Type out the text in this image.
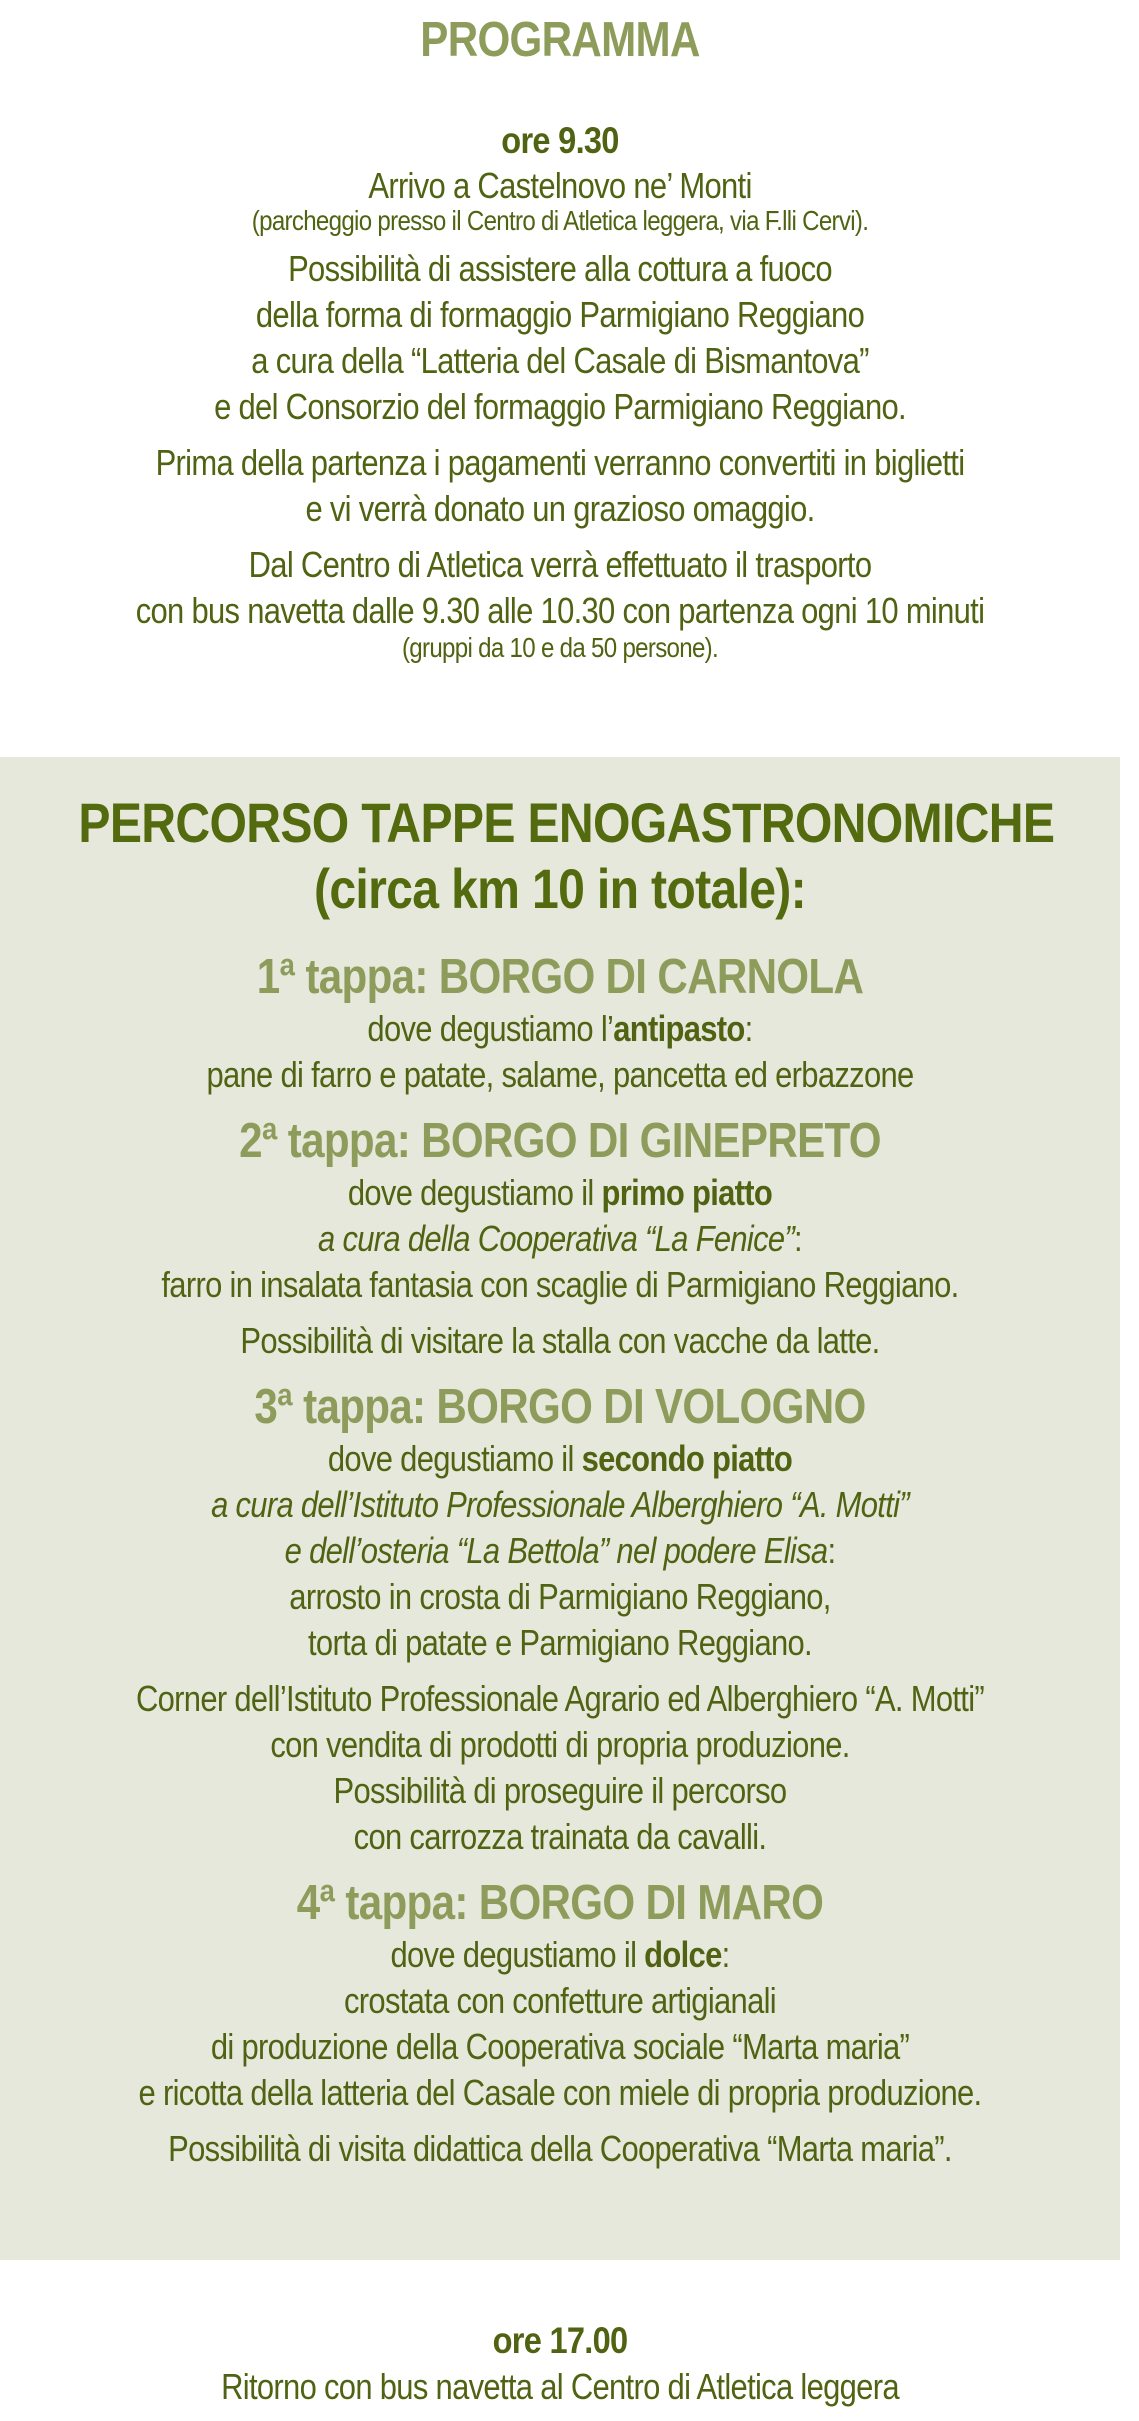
PROGRAMMA
ore 9.30
Arrivo a Castelnovo ne’ Monti
(parcheggio presso il Centro di Atletica leggera, via F.lli Cervi).
Possibilità di assistere alla cottura a fuoco
della forma di formaggio Parmigiano Reggiano
a cura della “Latteria del Casale di Bismantova”
e del Consorzio del formaggio Parmigiano Reggiano.
Prima della partenza i pagamenti verranno convertiti in biglietti
e vi verrà donato un grazioso omaggio.
Dal Centro di Atletica verrà effettuato il trasporto
con bus navetta dalle 9.30 alle 10.30 con partenza ogni 10 minuti
(gruppi da 10 e da 50 persone).
PERCORSO TAPPE ENOGASTRONOMICHE
(circa km 10 in totale):
1ª tappa: BORGO DI CARNOLA
dove degustiamo l’antipasto:
pane di farro e patate, salame, pancetta ed erbazzone
2ª tappa: BORGO DI GINEPRETO
dove degustiamo il primo piatto
a cura della Cooperativa “La Fenice”:
farro in insalata fantasia con scaglie di Parmigiano Reggiano.
Possibilità di visitare la stalla con vacche da latte.
3ª tappa: BORGO DI VOLOGNO
dove degustiamo il secondo piatto
a cura dell’Istituto Professionale Alberghiero “A. Motti”
e dell’osteria “La Bettola” nel podere Elisa:
arrosto in crosta di Parmigiano Reggiano,
torta di patate e Parmigiano Reggiano.
Corner dell’Istituto Professionale Agrario ed Alberghiero “A. Motti”
con vendita di prodotti di propria produzione.
Possibilità di proseguire il percorso
con carrozza trainata da cavalli.
4ª tappa: BORGO DI MARO
dove degustiamo il dolce:
crostata con confetture artigianali
di produzione della Cooperativa sociale “Marta maria”
e ricotta della latteria del Casale con miele di propria produzione.
Possibilità di visita didattica della Cooperativa “Marta maria”.
ore 17.00
Ritorno con bus navetta al Centro di Atletica leggera
